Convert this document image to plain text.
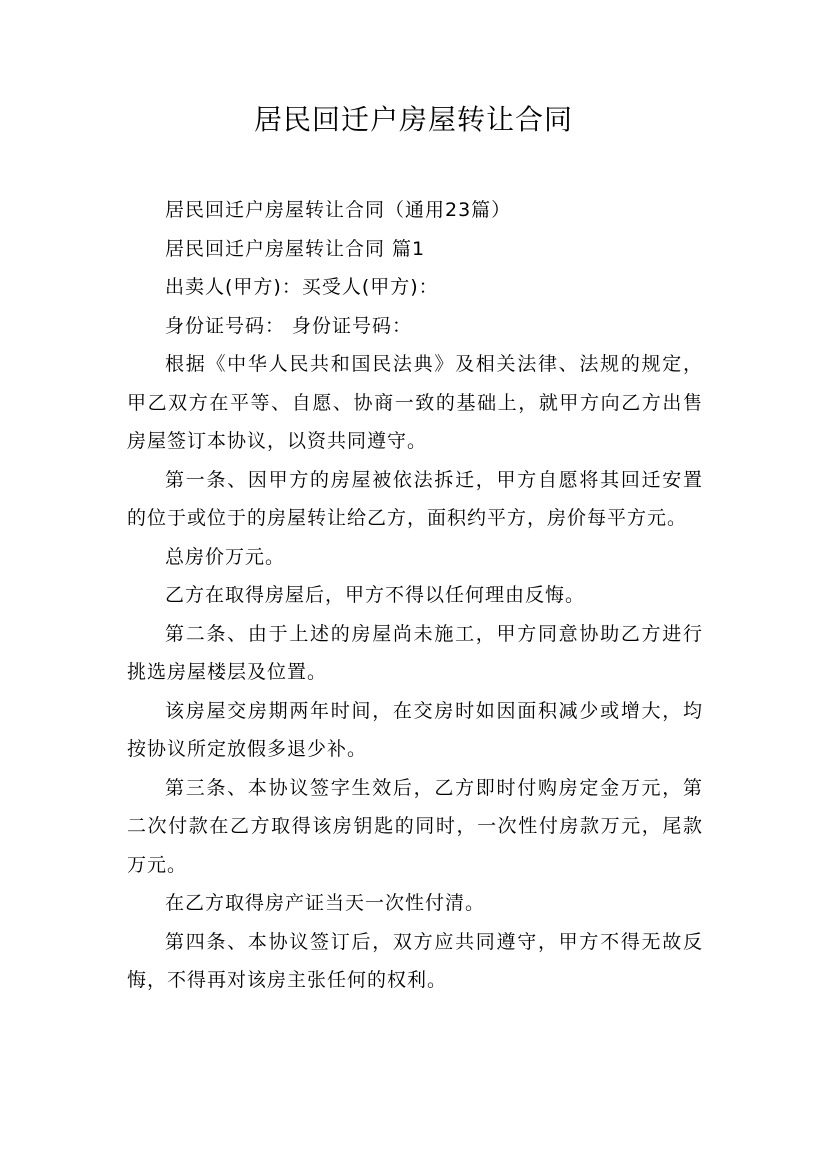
居民回迁户房屋转让合同

居民回迁户房屋转让合同（通用23篇）

居民回迁户房屋转让合同 篇1

出卖人(甲方)：买受人(甲方)：

身份证号码： 身份证号码：

根据《中华人民共和国民法典》及相关法律、法规的规定，甲乙双方在平等、自愿、协商一致的基础上，就甲方向乙方出售房屋签订本协议，以资共同遵守。

第一条、因甲方的房屋被依法拆迁，甲方自愿将其回迁安置的位于或位于的房屋转让给乙方，面积约平方，房价每平方元。

总房价万元。

乙方在取得房屋后，甲方不得以任何理由反悔。

第二条、由于上述的房屋尚未施工，甲方同意协助乙方进行挑选房屋楼层及位置。

该房屋交房期两年时间，在交房时如因面积减少或增大，均按协议所定放假多退少补。

第三条、本协议签字生效后，乙方即时付购房定金万元，第二次付款在乙方取得该房钥匙的同时，一次性付房款万元，尾款万元。

在乙方取得房产证当天一次性付清。

第四条、本协议签订后，双方应共同遵守，甲方不得无故反悔，不得再对该房主张任何的权利。
